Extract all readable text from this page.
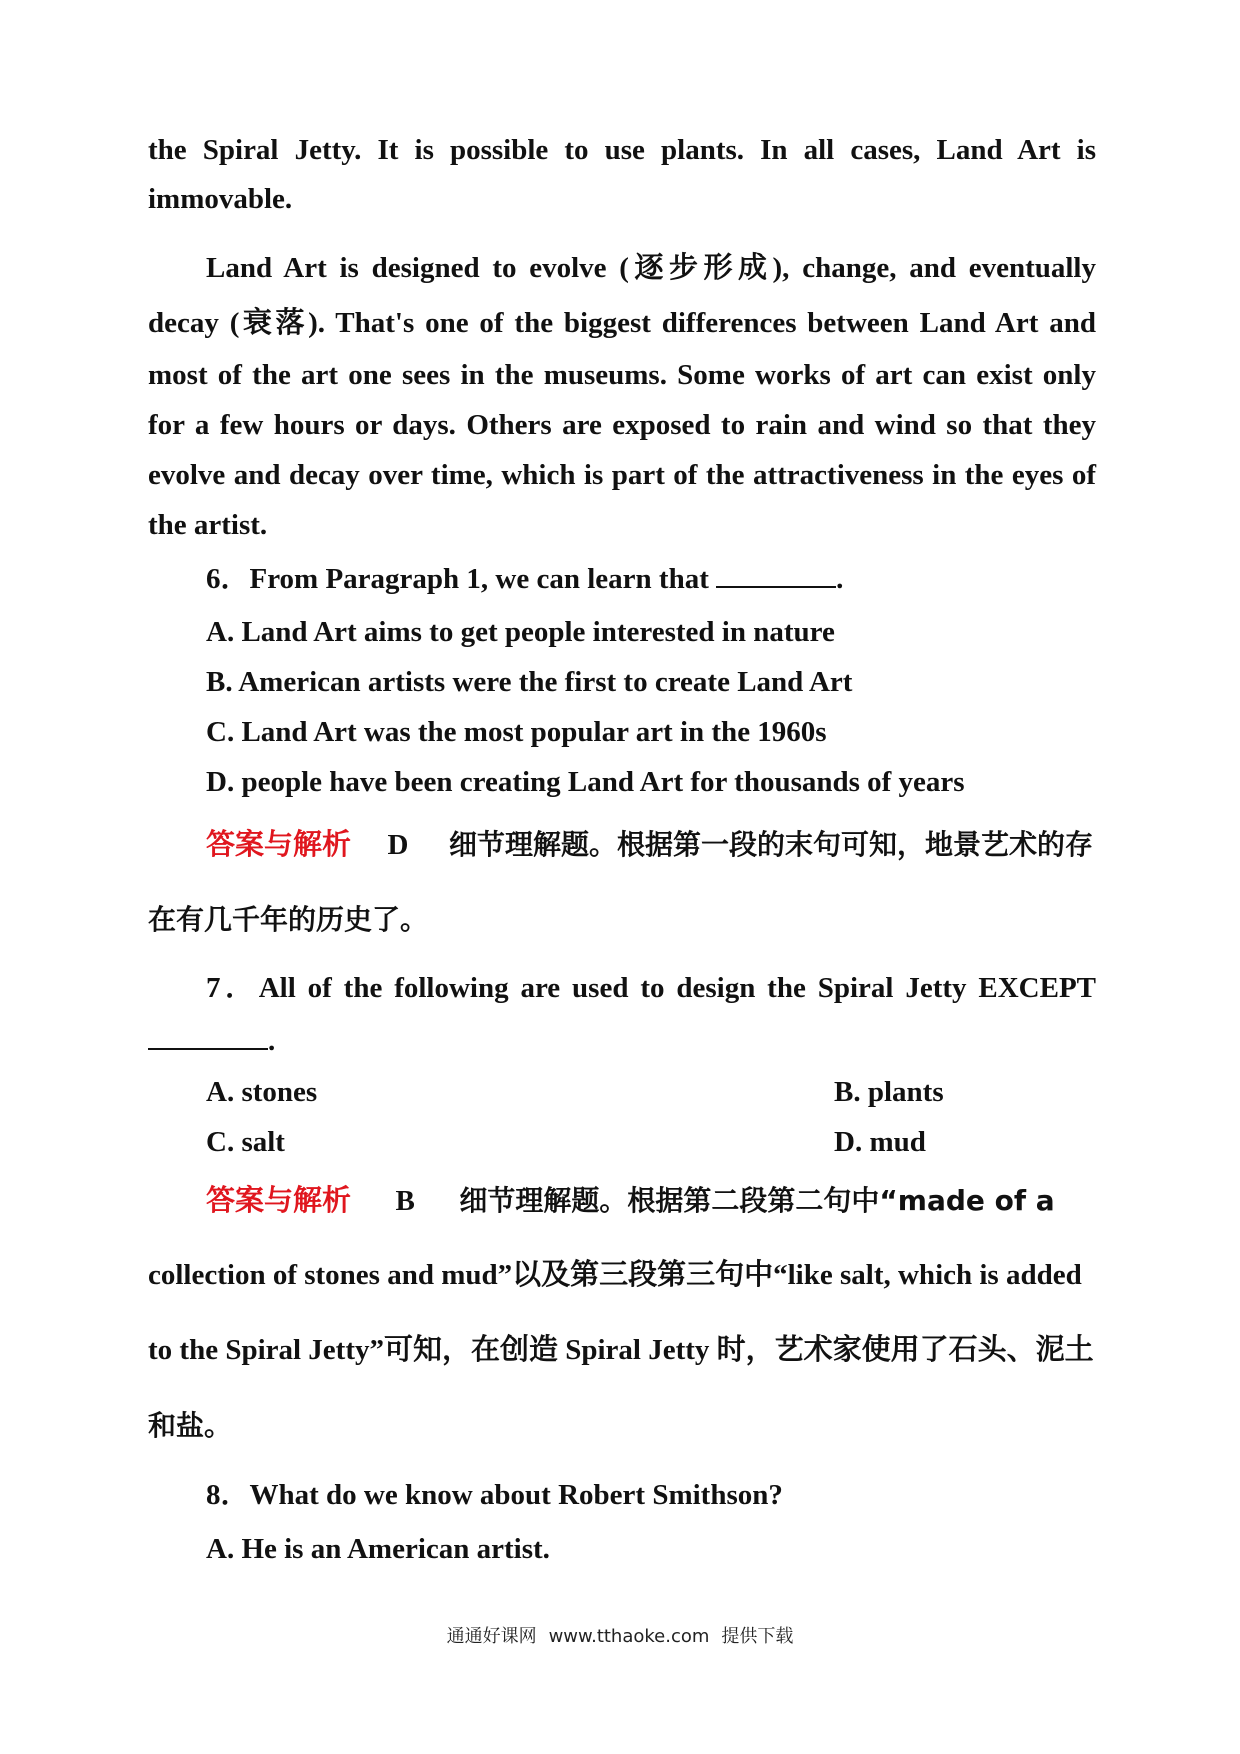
the Spiral Jetty. It is possible to use plants. In all cases, Land Art is
immovable.
Land Art is designed to evolve (逐步形成), change, and eventually
decay (衰落). That's one of the biggest differences between Land Art and
most of the art one sees in the museums. Some works of art can exist only
for a few hours or days. Others are exposed to rain and wind so that they
evolve and decay over time, which is part of the attractiveness in the eyes of
the artist.
6．From Paragraph 1, we can learn that	.
A. Land Art aims to get people interested in nature
B. American artists were the first to create Land Art
C. Land Art was the most popular art in the 1960s
D. people have been creating Land Art for thousands of years
答案与解析 D 细节理解题。根据第一段的末句可知，地景艺术的存
在有几千年的历史了。
7．All of the following are used to design the Spiral Jetty EXCEPT
.
A. stones	B. plants
C. salt	D. mud
答案与解析 B 细节理解题。根据第二段第二句中“made of a
collection of stones and mud”以及第三段第三句中“like salt, which is added
to the Spiral Jetty”可知，在创造 Spiral Jetty 时，艺术家使用了石头、泥土
和盐。
8．What do we know about Robert Smithson?
A. He is an American artist.
通通好课网 www.tthaoke.com 提供下载
